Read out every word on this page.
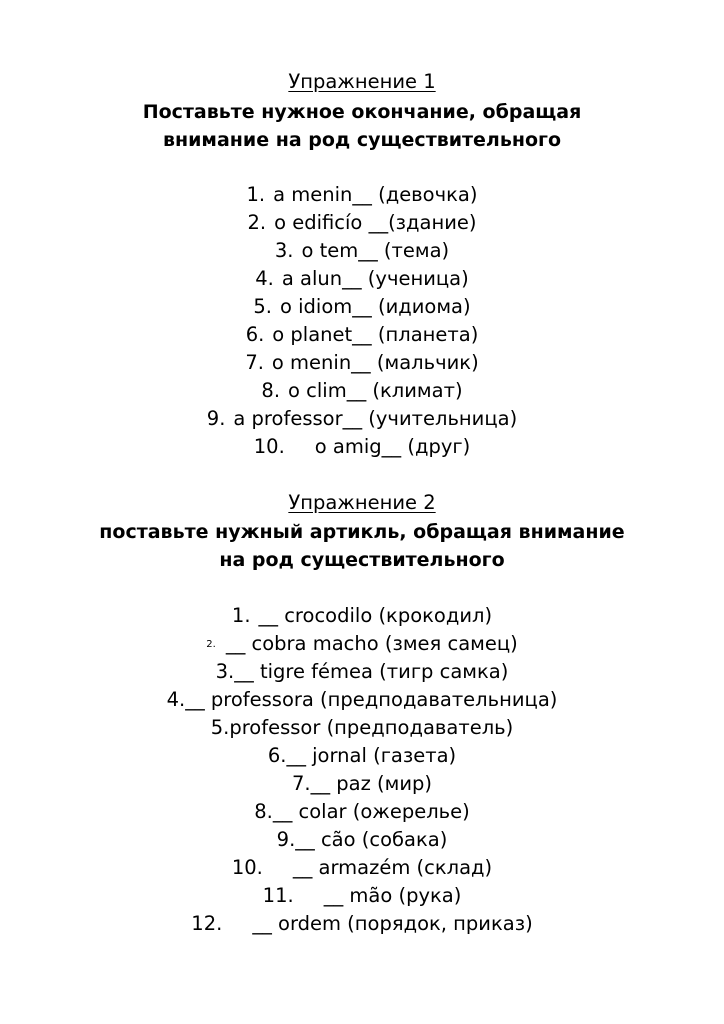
Упражнение 1
Поставьте нужное окончание, обращая
внимание на род существительного
1. a menin__ (девочка)
2. o edificío __(здание)
3. o tem__ (тема)
4. a alun__ (ученица)
5. o idiom__ (идиома)
6. o planet__ (планета)
7. o menin__ (мальчик)
8. o clim__ (климат)
9. a professor__ (учительница)
10. o amig__ (друг)
Упражнение 2
поставьте нужный артикль, обращая внимание
на род существительного
1. __ crocodilo (крокодил)
2. __ cobra macho (змея самец)
3.__ tigre fémea (тигр самка)
4.__ professora (предподавательница)
5.professor (предподаватель)
6.__ jornal (газета)
7.__ paz (мир)
8.__ colar (ожерелье)
9.__ cão (собака)
10. __ armazém (склад)
11. __ mão (рука)
12. __ ordem (порядок, приказ)
